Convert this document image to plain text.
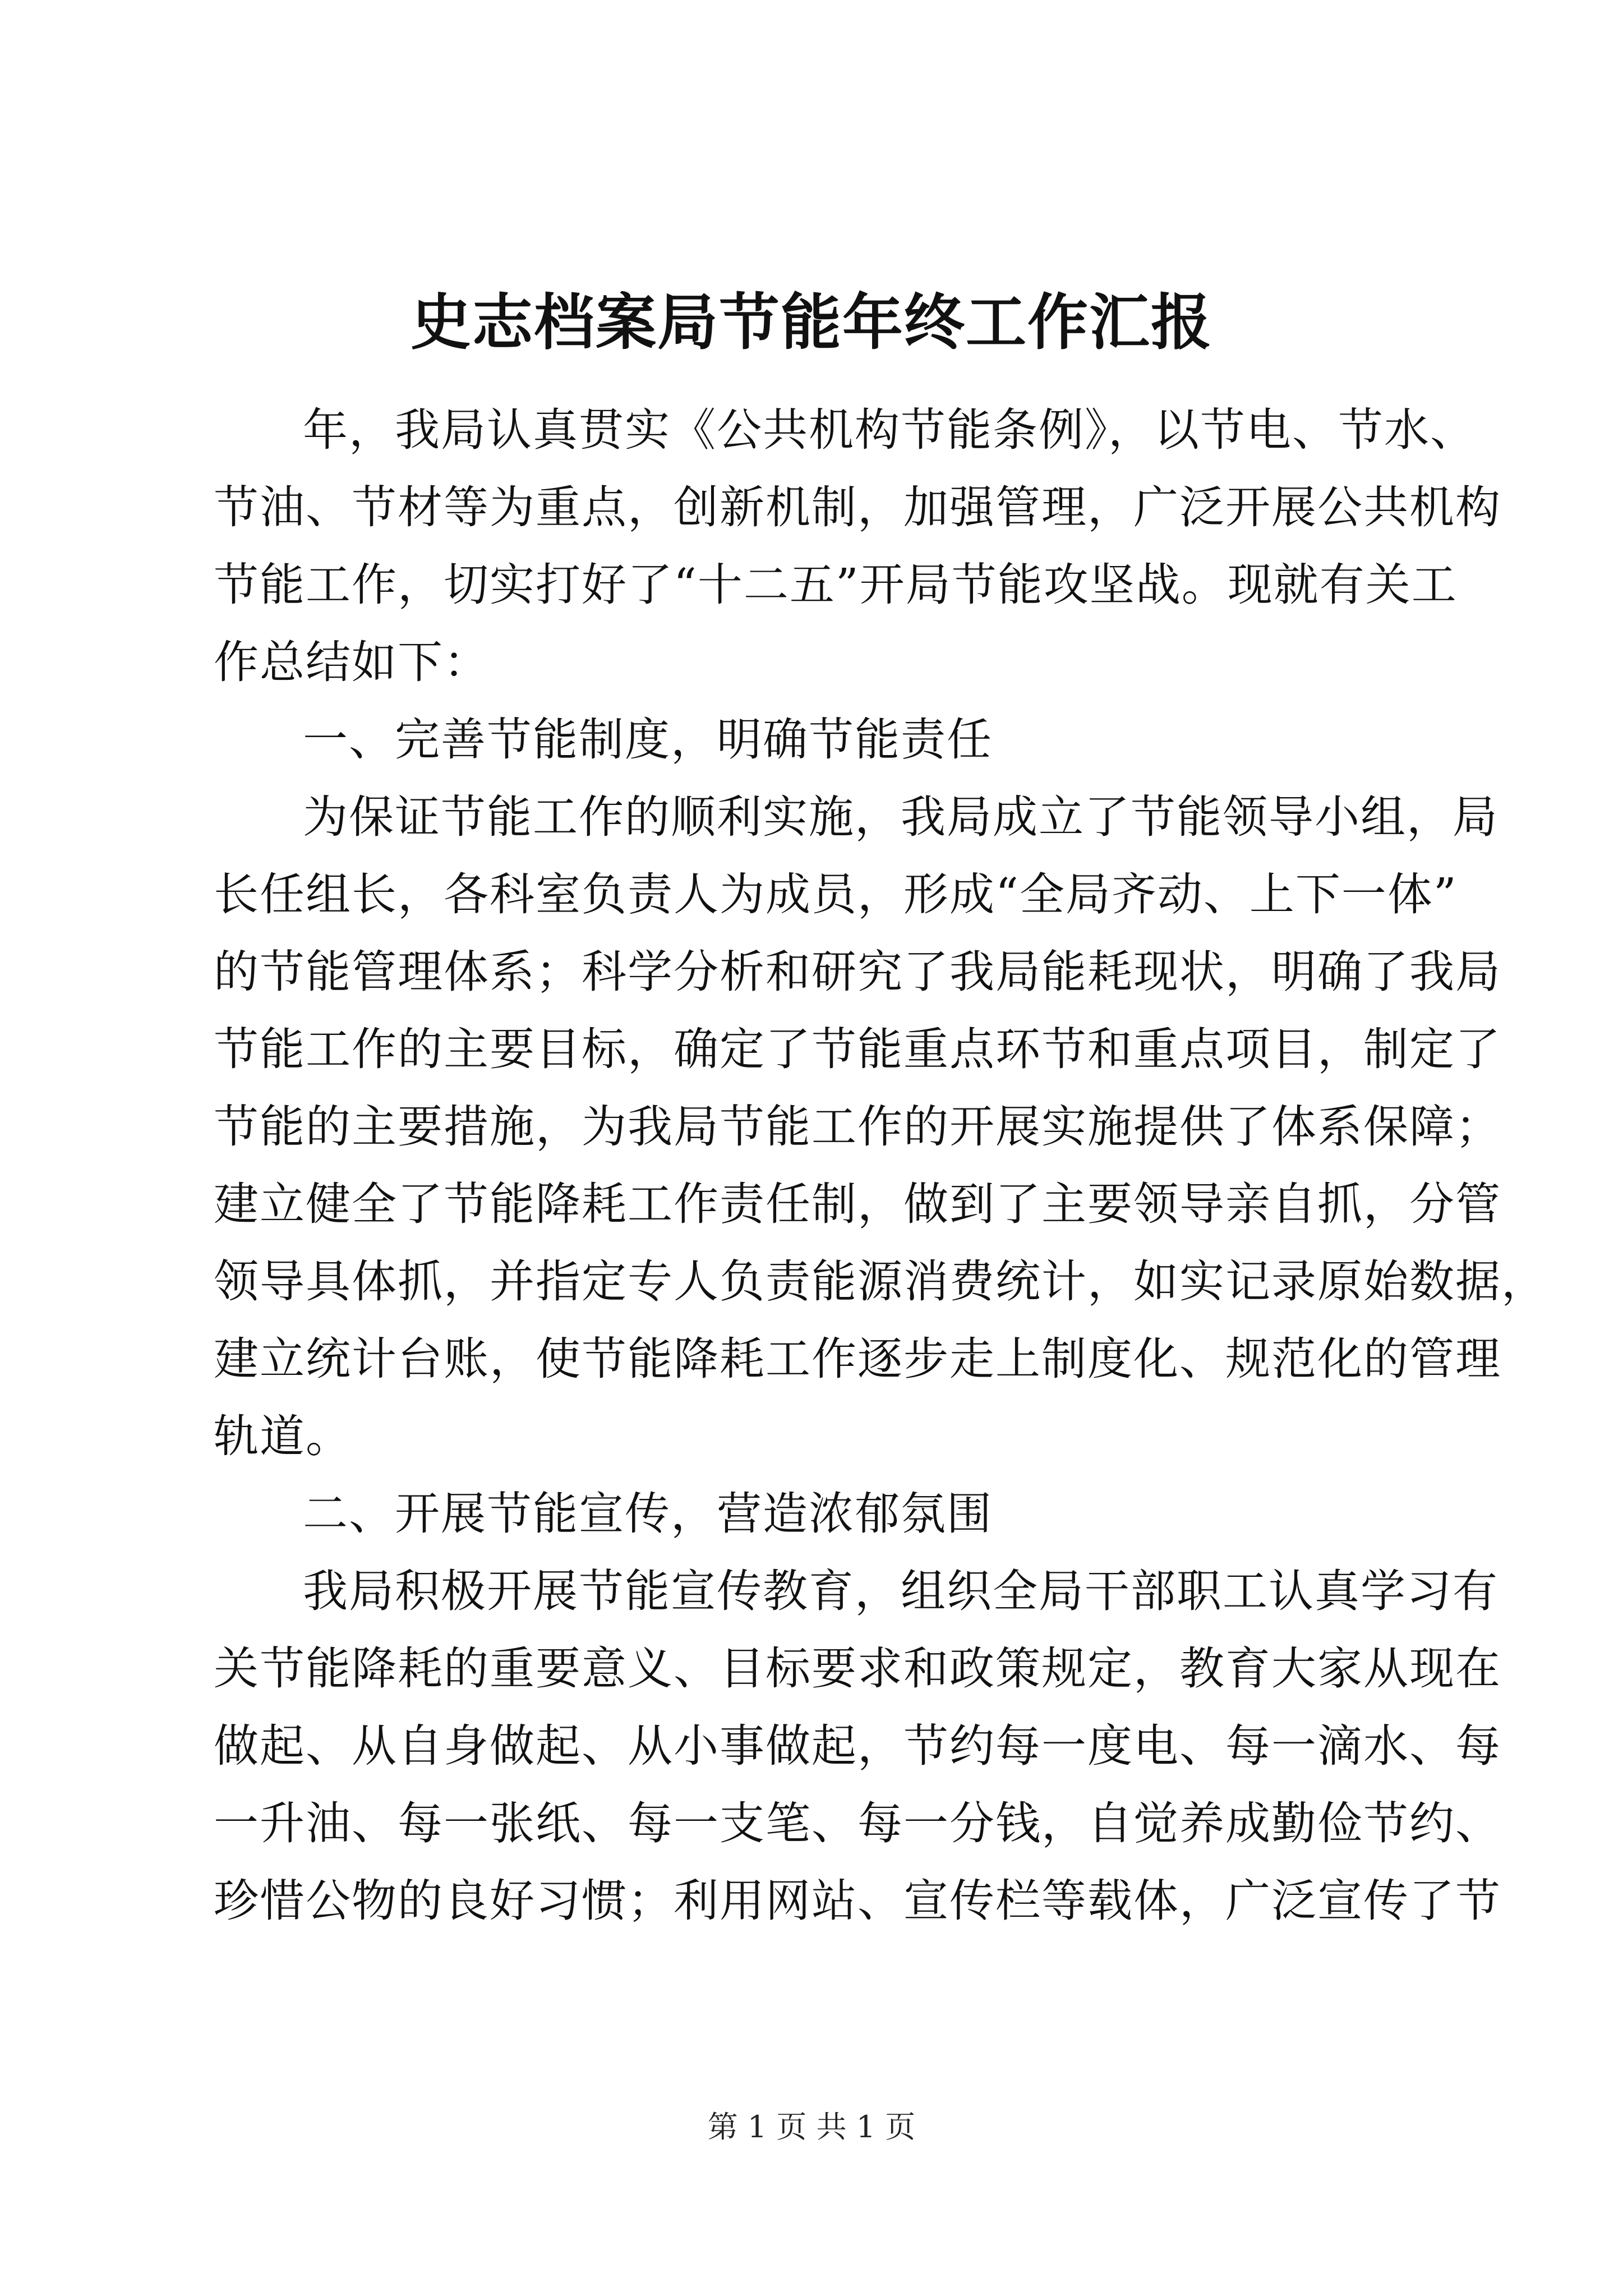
史志档案局节能年终工作汇报
年，我局认真贯实《公共机构节能条例》，以节电、节水、
节油、节材等为重点，创新机制，加强管理，广泛开展公共机构
节能工作，切实打好了“十二五”开局节能攻坚战。现就有关工
作总结如下：
一、完善节能制度，明确节能责任
为保证节能工作的顺利实施，我局成立了节能领导小组，局
长任组长，各科室负责人为成员，形成“全局齐动、上下一体”
的节能管理体系；科学分析和研究了我局能耗现状，明确了我局
节能工作的主要目标，确定了节能重点环节和重点项目，制定了
节能的主要措施，为我局节能工作的开展实施提供了体系保障；
建立健全了节能降耗工作责任制，做到了主要领导亲自抓，分管
领导具体抓，并指定专人负责能源消费统计，如实记录原始数据，
建立统计台账，使节能降耗工作逐步走上制度化、规范化的管理
轨道。
二、开展节能宣传，营造浓郁氛围
我局积极开展节能宣传教育，组织全局干部职工认真学习有
关节能降耗的重要意义、目标要求和政策规定，教育大家从现在
做起、从自身做起、从小事做起，节约每一度电、每一滴水、每
一升油、每一张纸、每一支笔、每一分钱，自觉养成勤俭节约、
珍惜公物的良好习惯；利用网站、宣传栏等载体，广泛宣传了节
第 1 页 共 1 页
